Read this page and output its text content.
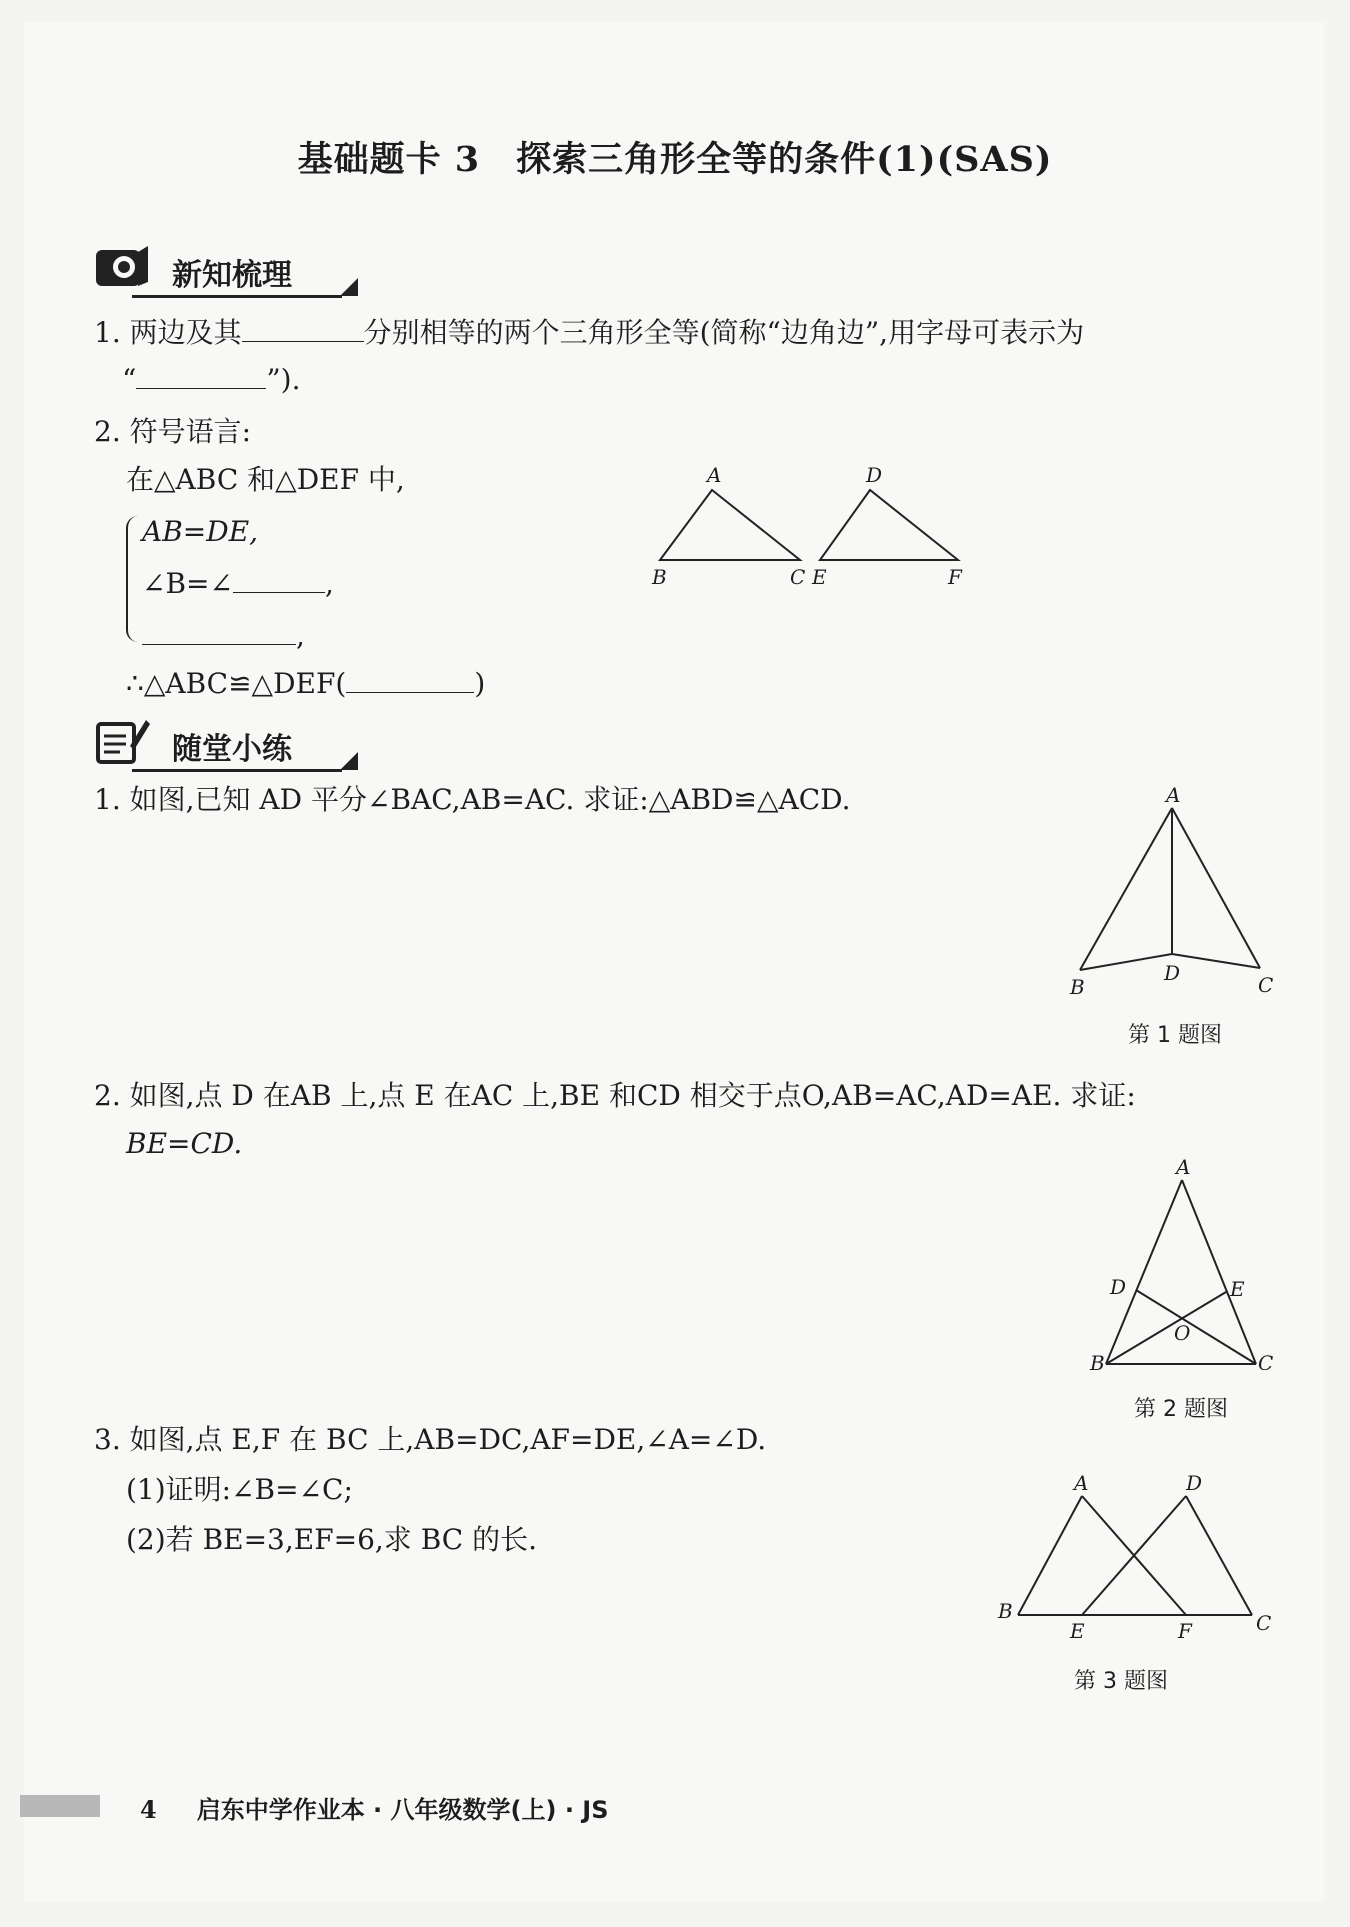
基础题卡 3　探索三角形全等的条件(1)(SAS)
新知梳理
1. 两边及其	分别相等的两个三角形全等(简称“边角边”,用字母可表示为
“	”).
2. 符号语言:
在△ABC 和△DEF 中,
AB=DE,
∠B=∠	,
,
∴△ABC≌△DEF(	)
A
B	C
D
E	F
随堂小练
1. 如图,已知 AD 平分∠BAC,AB=AC. 求证:△ABD≌△ACD.	A
B
D	C
第 1 题图
2. 如图,点 D 在AB 上,点 E 在AC 上,BE 和CD 相交于点O,AB=AC,AD=AE. 求证:
BE=CD.
A
D	E
O
B	C
第 2 题图
3. 如图,点 E,F 在 BC 上,AB=DC,AF=DE,∠A=∠D.
(1)证明:∠B=∠C;
(2)若 BE=3,EF=6,求 BC 的长.
A	D
B
E	F	C
第 3 题图
4 启东中学作业本 · 八年级数学(上) · JS
